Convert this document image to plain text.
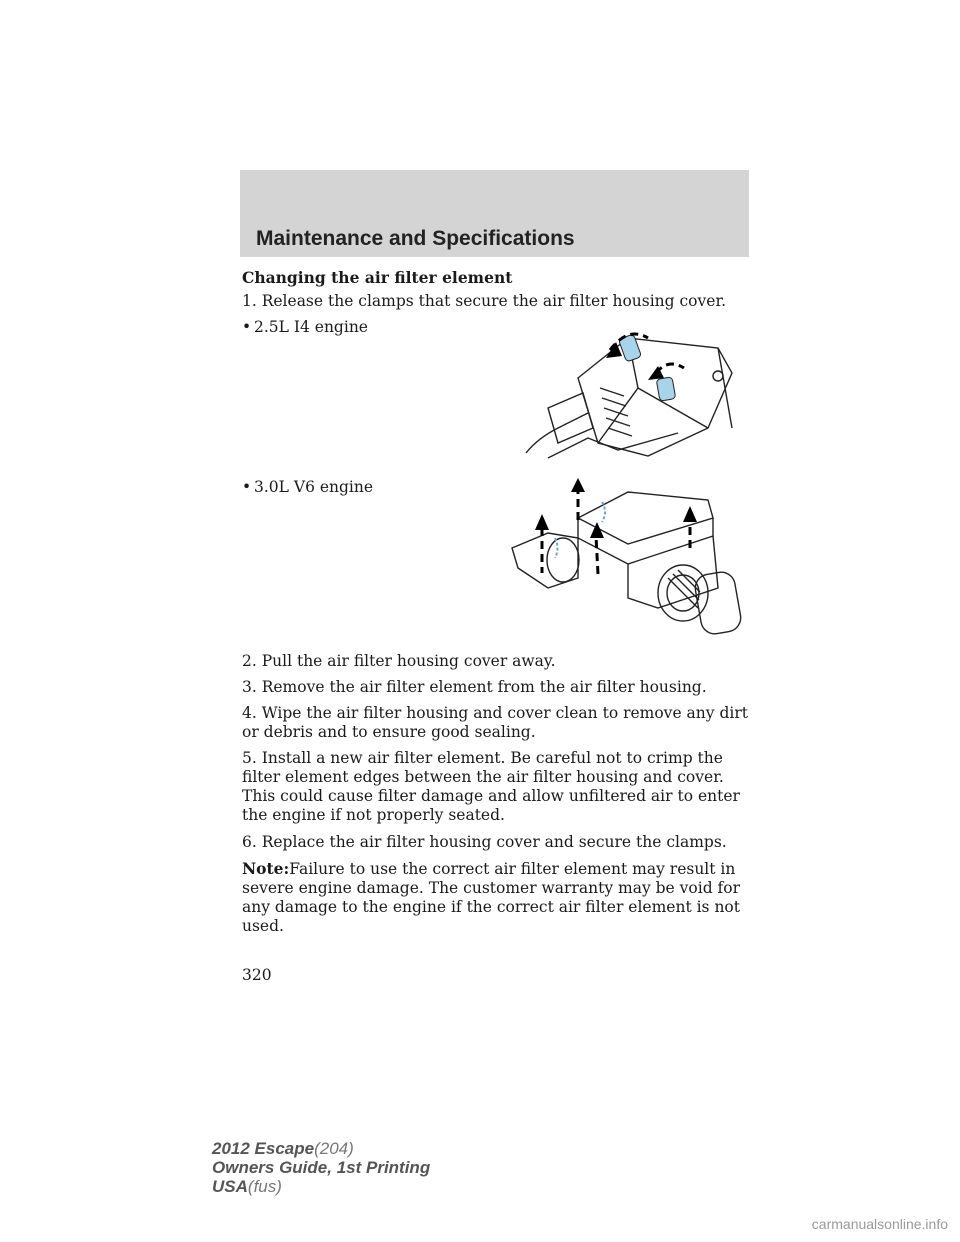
Maintenance and Specifications

Changing the air filter element

1. Release the clamps that secure the air filter housing cover.

• 2.5L I4 engine

• 3.0L V6 engine

2. Pull the air filter housing cover away.

3. Remove the air filter element from the air filter housing.

4. Wipe the air filter housing and cover clean to remove any dirt or debris and to ensure good sealing.

5. Install a new air filter element. Be careful not to crimp the filter element edges between the air filter housing and cover. This could cause filter damage and allow unfiltered air to enter the engine if not properly seated.

6. Replace the air filter housing cover and secure the clamps.

Note:Failure to use the correct air filter element may result in severe engine damage. The customer warranty may be void for any damage to the engine if the correct air filter element is not used.

320
2012 Escape(204)
Owners Guide, 1st Printing
USA(fus)
carmanualsonline.info
